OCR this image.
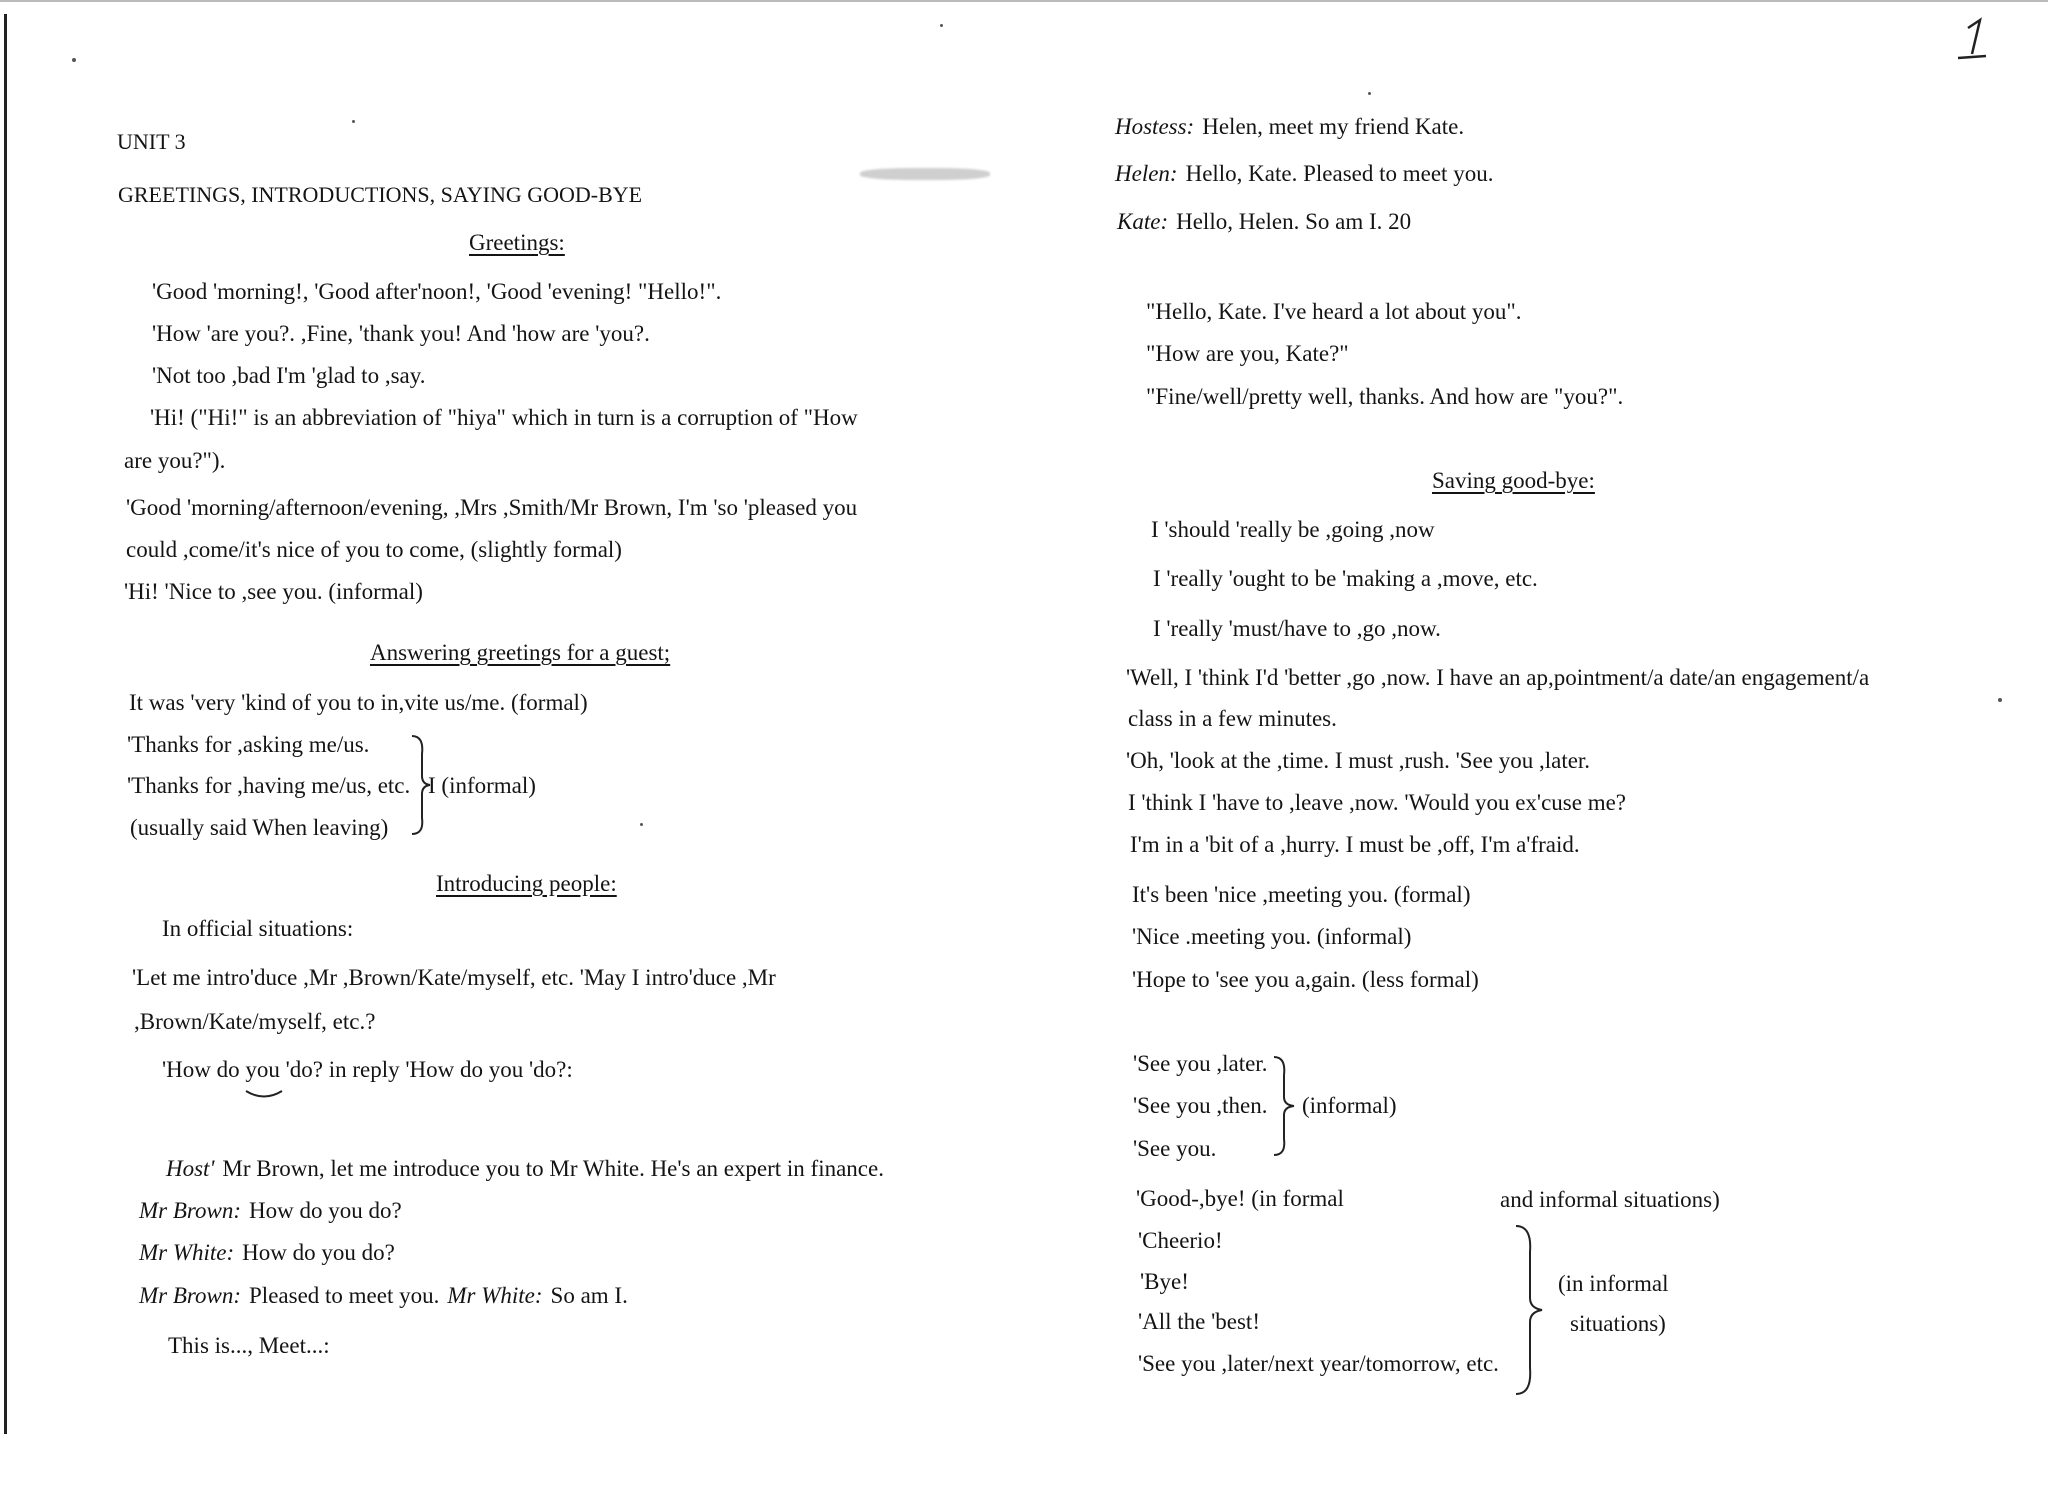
UNIT 3
GREETINGS, INTRODUCTIONS, SAYING GOOD-BYE
Greetings:
'Good 'morning!, 'Good after'noon!, 'Good 'evening! "Hello!".
'How 'are you?. ,Fine, 'thank you! And 'how are 'you?.
'Not too ,bad I'm 'glad to ,say.
'Hi! ("Hi!" is an abbreviation of "hiya" which in turn is a corruption of "How
are you?").
'Good 'morning/afternoon/evening, ,Mrs ,Smith/Mr Brown, I'm 'so 'pleased you
could ,come/it's nice of you to come, (slightly formal)
'Hi! 'Nice to ,see you. (informal)
Answering greetings for a guest;
It was 'very 'kind of you to in,vite us/me. (formal)
'Thanks for ,asking me/us.
'Thanks for ,having me/us, etc. I (informal)
(usually said When leaving)
Introducing people:
In official situations:
'Let me intro'duce ,Mr ,Brown/Kate/myself, etc. 'May I intro'duce ,Mr
,Brown/Kate/myself, etc.?
'How do you 'do? in reply 'How do you 'do?:
Host' Mr Brown, let me introduce you to Mr White. He's an expert in finance.
Mr Brown: How do you do?
Mr White: How do you do?
Mr Brown: Pleased to meet you. Mr White: So am I.
This is..., Meet...:
Hostess: Helen, meet my friend Kate.
Helen: Hello, Kate. Pleased to meet you.
Kate: Hello, Helen. So am I. 20
"Hello, Kate. I've heard a lot about you".
"How are you, Kate?"
"Fine/well/pretty well, thanks. And how are "you?".
Saving good-bye:
I 'should 'really be ,going ,now
I 'really 'ought to be 'making a ,move, etc.
I 'really 'must/have to ,go ,now.
'Well, I 'think I'd 'better ,go ,now. I have an ap,pointment/a date/an engagement/a
class in a few minutes.
'Oh, 'look at the ,time. I must ,rush. 'See you ,later.
I 'think I 'have to ,leave ,now. 'Would you ex'cuse me?
I'm in a 'bit of a ,hurry. I must be ,off, I'm a'fraid.
It's been 'nice ,meeting you. (formal)
'Nice .meeting you. (informal)
'Hope to 'see you a,gain. (less formal)
'See you ,later.
'See you ,then.
'See you.
(informal)
'Good-,bye! (in formal	and informal situations)
'Cheerio!
'Bye!
'All the 'best!
'See you ,later/next year/tomorrow, etc.
(in informal
situations)
